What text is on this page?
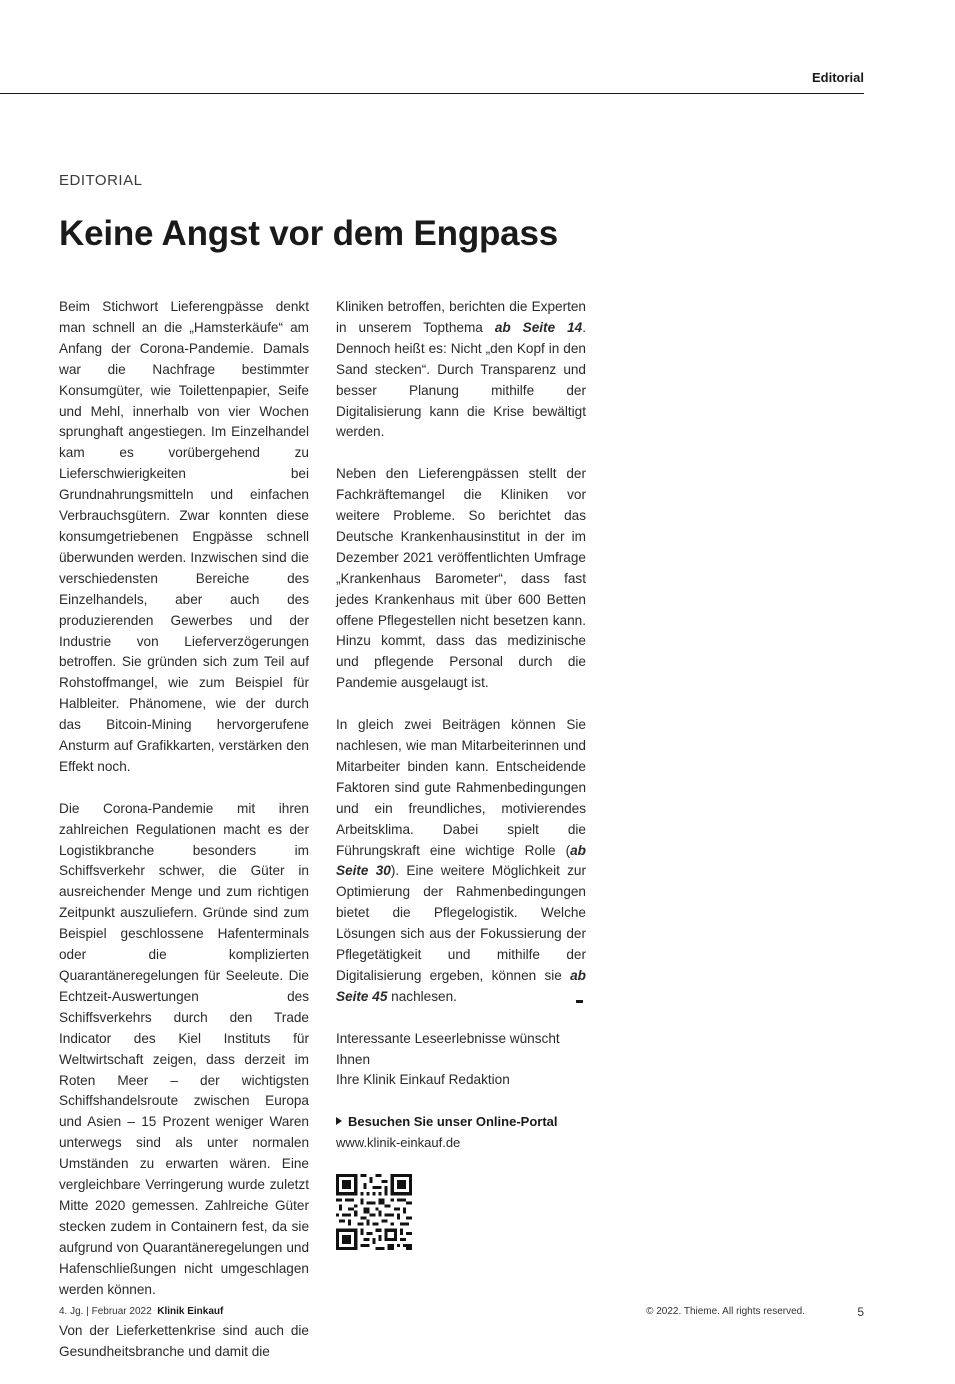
Editorial
EDITORIAL
Keine Angst vor dem Engpass

Beim Stichwort Lieferengpässe denkt man schnell an die „Hamsterkäufe“ am Anfang der Corona-Pandemie. Damals war die Nachfrage bestimmter Konsumgüter, wie Toilettenpapier, Seife und Mehl, innerhalb von vier Wochen sprunghaft angestiegen. Im Einzelhandel kam es vorübergehend zu Lieferschwierigkeiten bei Grundnahrungsmitteln und einfachen Verbrauchsgütern. Zwar konnten diese konsumgetriebenen Engpässe schnell überwunden werden. Inzwischen sind die verschiedensten Bereiche des Einzelhandels, aber auch des produzierenden Gewerbes und der Industrie von Lieferverzögerungen betroffen. Sie gründen sich zum Teil auf Rohstoffmangel, wie zum Beispiel für Halbleiter. Phänomene, wie der durch das Bitcoin-Mining hervorgerufene Ansturm auf Grafikkarten, verstärken den Effekt noch.

Die Corona-Pandemie mit ihren zahlreichen Regulationen macht es der Logistikbranche besonders im Schiffsverkehr schwer, die Güter in ausreichender Menge und zum richtigen Zeitpunkt auszuliefern. Gründe sind zum Beispiel geschlossene Hafenterminals oder die komplizierten Quarantäneregelungen für Seeleute. Die Echtzeit-Auswertungen des Schiffsverkehrs durch den Trade Indicator des Kiel Instituts für Weltwirtschaft zeigen, dass derzeit im Roten Meer – der wichtigsten Schiffshandelsroute zwischen Europa und Asien – 15 Prozent weniger Waren unterwegs sind als unter normalen Umständen zu erwarten wären. Eine vergleichbare Verringerung wurde zuletzt Mitte 2020 gemessen. Zahlreiche Güter stecken zudem in Containern fest, da sie aufgrund von Quarantäneregelungen und Hafenschließungen nicht umgeschlagen werden können.

Von der Lieferkettenkrise sind auch die Gesundheitsbranche und damit die

Kliniken betroffen, berichten die Experten in unserem Topthema ab Seite 14. Dennoch heißt es: Nicht „den Kopf in den Sand stecken“. Durch Transparenz und besser Planung mithilfe der Digitalisierung kann die Krise bewältigt werden.

Neben den Lieferengpässen stellt der Fachkräftemangel die Kliniken vor weitere Probleme. So berichtet das Deutsche Krankenhausinstitut in der im Dezember 2021 veröffentlichten Umfrage „Krankenhaus Barometer“, dass fast jedes Krankenhaus mit über 600 Betten offene Pflegestellen nicht besetzen kann. Hinzu kommt, dass das medizinische und pflegende Personal durch die Pandemie ausgelaugt ist.

In gleich zwei Beiträgen können Sie nachlesen, wie man Mitarbeiterinnen und Mitarbeiter binden kann. Entscheidende Faktoren sind gute Rahmenbedingungen und ein freundliches, motivierendes Arbeitsklima. Dabei spielt die Führungskraft eine wichtige Rolle (ab Seite 30). Eine weitere Möglichkeit zur Optimierung der Rahmenbedingungen bietet die Pflegelogistik. Welche Lösungen sich aus der Fokussierung der Pflegetätigkeit und mithilfe der Digitalisierung ergeben, können sie ab Seite 45 nachlesen.

Interessante Leseerlebnisse wünscht Ihnen
Ihre Klinik Einkauf Redaktion

Besuchen Sie unser Online-Portal
www.klinik-einkauf.de
4. Jg. | Februar 2022 Klinik Einkauf	© 2022. Thieme. All rights reserved.	5
